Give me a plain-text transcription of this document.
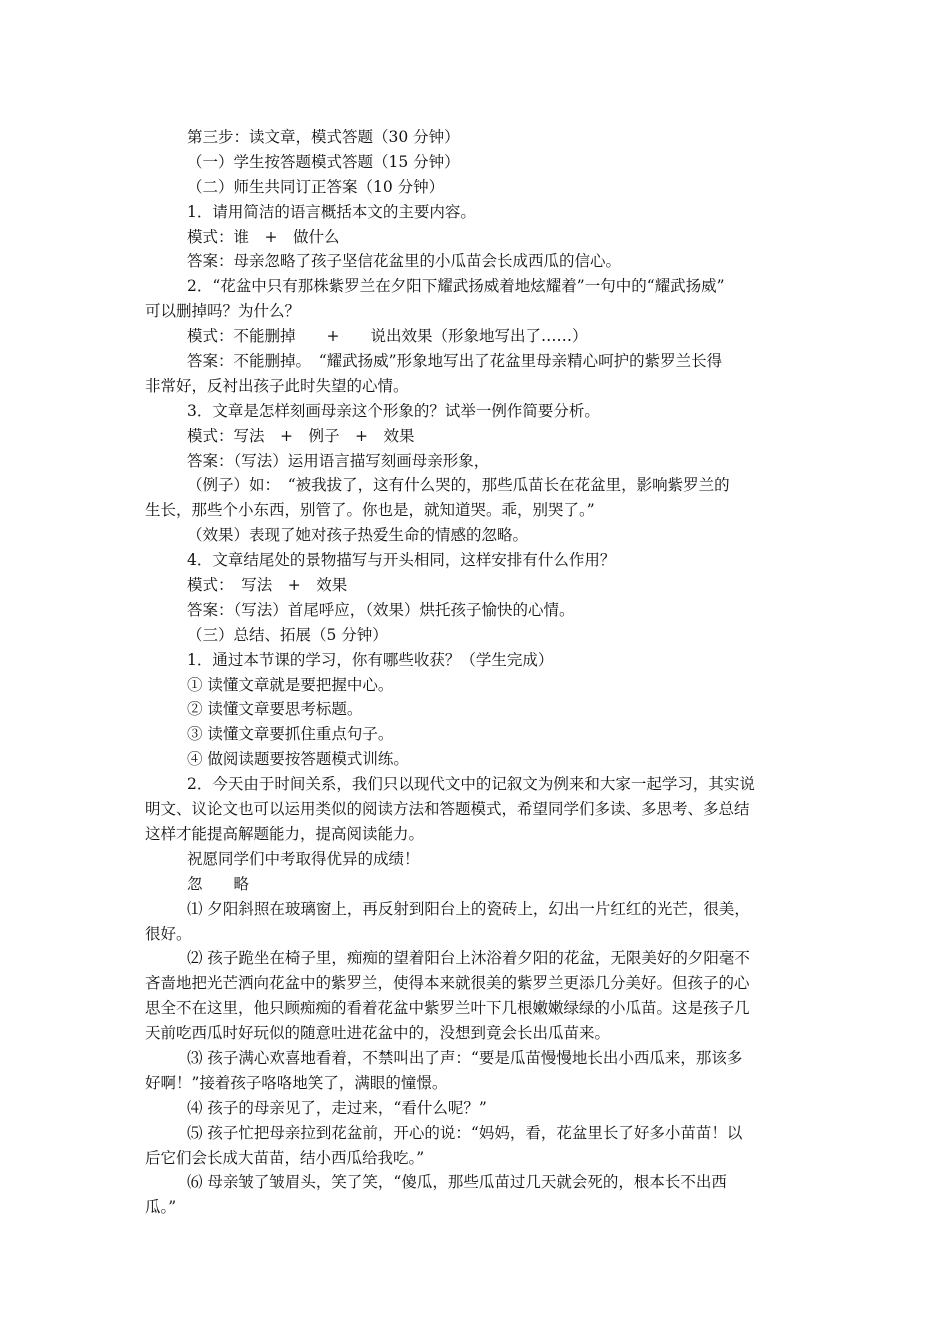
第三步：读文章，模式答题（30 分钟）
（一）学生按答题模式答题（15 分钟）
（二）师生共同订正答案（10 分钟）
1．请用简洁的语言概括本文的主要内容。
模式：谁　+　做什么
答案：母亲忽略了孩子坚信花盆里的小瓜苗会长成西瓜的信心。
2．“花盆中只有那株紫罗兰在夕阳下耀武扬威着地炫耀着”一句中的“耀武扬威”
可以删掉吗？为什么？
模式：不能删掉　　+　　说出效果（形象地写出了……）
答案：不能删掉。　“耀武扬威”形象地写出了花盆里母亲精心呵护的紫罗兰长得
非常好，反衬出孩子此时失望的心情。
3．文章是怎样刻画母亲这个形象的？试举一例作简要分析。
模式：写法　+　例子　+　效果
答案：（写法）运用语言描写刻画母亲形象，
（例子）如：　“被我拔了，这有什么哭的，那些瓜苗长在花盆里，影响紫罗兰的
生长，那些个小东西，别管了。你也是，就知道哭。乖，别哭了。”
（效果）表现了她对孩子热爱生命的情感的忽略。
4．文章结尾处的景物描写与开头相同，这样安排有什么作用？
模式：　写法　+　效果
答案：（写法）首尾呼应，（效果）烘托孩子愉快的心情。
（三）总结、拓展（5 分钟）
1．通过本节课的学习，你有哪些收获？（学生完成）
① 读懂文章就是要把握中心。
② 读懂文章要思考标题。
③ 读懂文章要抓住重点句子。
④ 做阅读题要按答题模式训练。
2．今天由于时间关系，我们只以现代文中的记叙文为例来和大家一起学习，其实说
明文、议论文也可以运用类似的阅读方法和答题模式，希望同学们多读、多思考、多总结
这样才能提高解题能力，提高阅读能力。
祝愿同学们中考取得优异的成绩！
忽　　略
⑴ 夕阳斜照在玻璃窗上，再反射到阳台上的瓷砖上，幻出一片红红的光芒，很美，
很好。
⑵ 孩子跪坐在椅子里，痴痴的望着阳台上沐浴着夕阳的花盆，无限美好的夕阳毫不
吝啬地把光芒洒向花盆中的紫罗兰，使得本来就很美的紫罗兰更添几分美好。但孩子的心
思全不在这里，他只顾痴痴的看着花盆中紫罗兰叶下几根嫩嫩绿绿的小瓜苗。这是孩子几
天前吃西瓜时好玩似的随意吐进花盆中的，没想到竟会长出瓜苗来。
⑶ 孩子满心欢喜地看着，不禁叫出了声：“要是瓜苗慢慢地长出小西瓜来，那该多
好啊！”接着孩子咯咯地笑了，满眼的憧憬。
⑷ 孩子的母亲见了，走过来，“看什么呢？”
⑸ 孩子忙把母亲拉到花盆前，开心的说：“妈妈，看，花盆里长了好多小苗苗！以
后它们会长成大苗苗，结小西瓜给我吃。”
⑹ 母亲皱了皱眉头，笑了笑，“傻瓜，那些瓜苗过几天就会死的，根本长不出西
瓜。”
